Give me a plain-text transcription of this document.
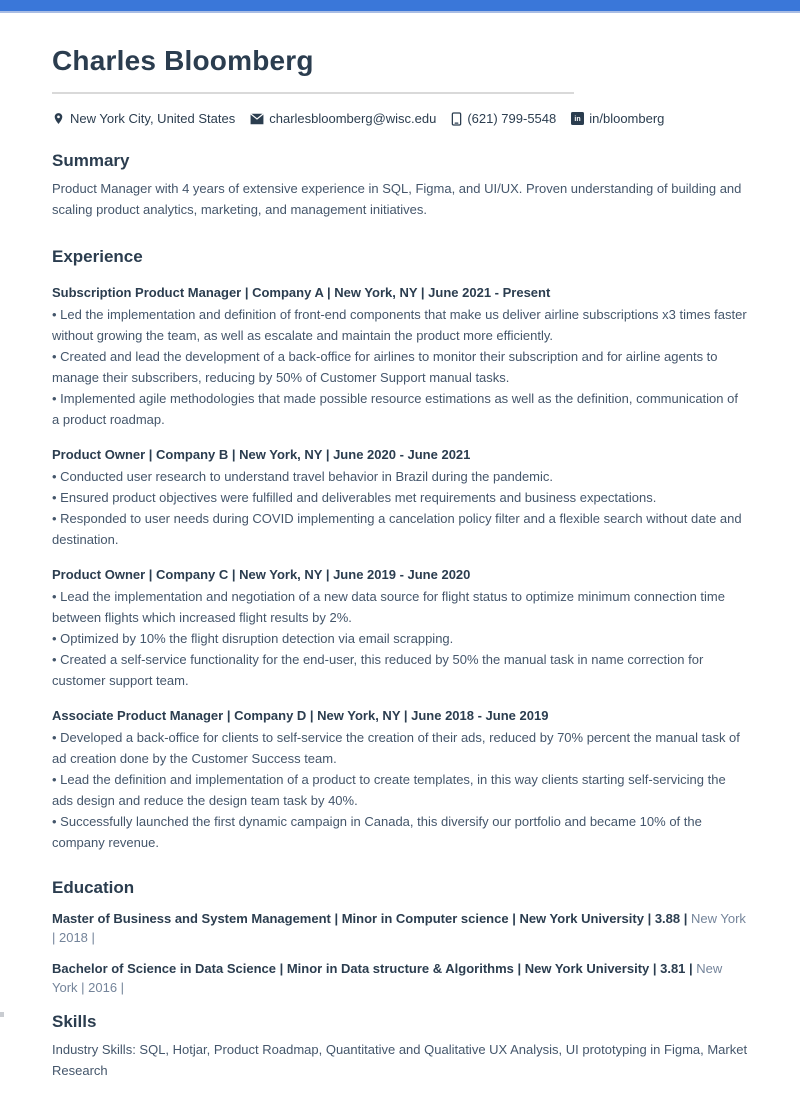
Charles Bloomberg
New York City, United States	charlesbloomberg@wisc.edu (621) 799-5548 in in/bloomberg
Summary

Product Manager with 4 years of extensive experience in SQL, Figma, and UI/UX. Proven understanding of building and scaling product analytics, marketing, and management initiatives.

Experience

Subscription Product Manager | Company A | New York, NY | June 2021 - Present

• Led the implementation and definition of front-end components that make us deliver airline subscriptions x3 times faster without growing the team, as well as escalate and maintain the product more efficiently.

• Created and lead the development of a back-office for airlines to monitor their subscription and for airline agents to manage their subscribers, reducing by 50% of Customer Support manual tasks.

• Implemented agile methodologies that made possible resource estimations as well as the definition, communication of a product roadmap.

Product Owner | Company B | New York, NY | June 2020 - June 2021

• Conducted user research to understand travel behavior in Brazil during the pandemic.

• Ensured product objectives were fulfilled and deliverables met requirements and business expectations.

• Responded to user needs during COVID implementing a cancelation policy filter and a flexible search without date and destination.

Product Owner | Company C | New York, NY | June 2019 - June 2020

• Lead the implementation and negotiation of a new data source for flight status to optimize minimum connection time between flights which increased flight results by 2%.

• Optimized by 10% the flight disruption detection via email scrapping.

• Created a self-service functionality for the end-user, this reduced by 50% the manual task in name correction for customer support team.

Associate Product Manager | Company D | New York, NY | June 2018 - June 2019

• Developed a back-office for clients to self-service the creation of their ads, reduced by 70% percent the manual task of ad creation done by the Customer Success team.

• Lead the definition and implementation of a product to create templates, in this way clients starting self-servicing the ads design and reduce the design team task by 40%.

• Successfully launched the first dynamic campaign in Canada, this diversify our portfolio and became 10% of the company revenue.

Education

Master of Business and System Management | Minor in Computer science | New York University | 3.88 | New York | 2018 |

Bachelor of Science in Data Science | Minor in Data structure & Algorithms | New York University | 3.81 | New York | 2016 |

Skills

Industry Skills: SQL, Hotjar, Product Roadmap, Quantitative and Qualitative UX Analysis, UI prototyping in Figma, Market Research
